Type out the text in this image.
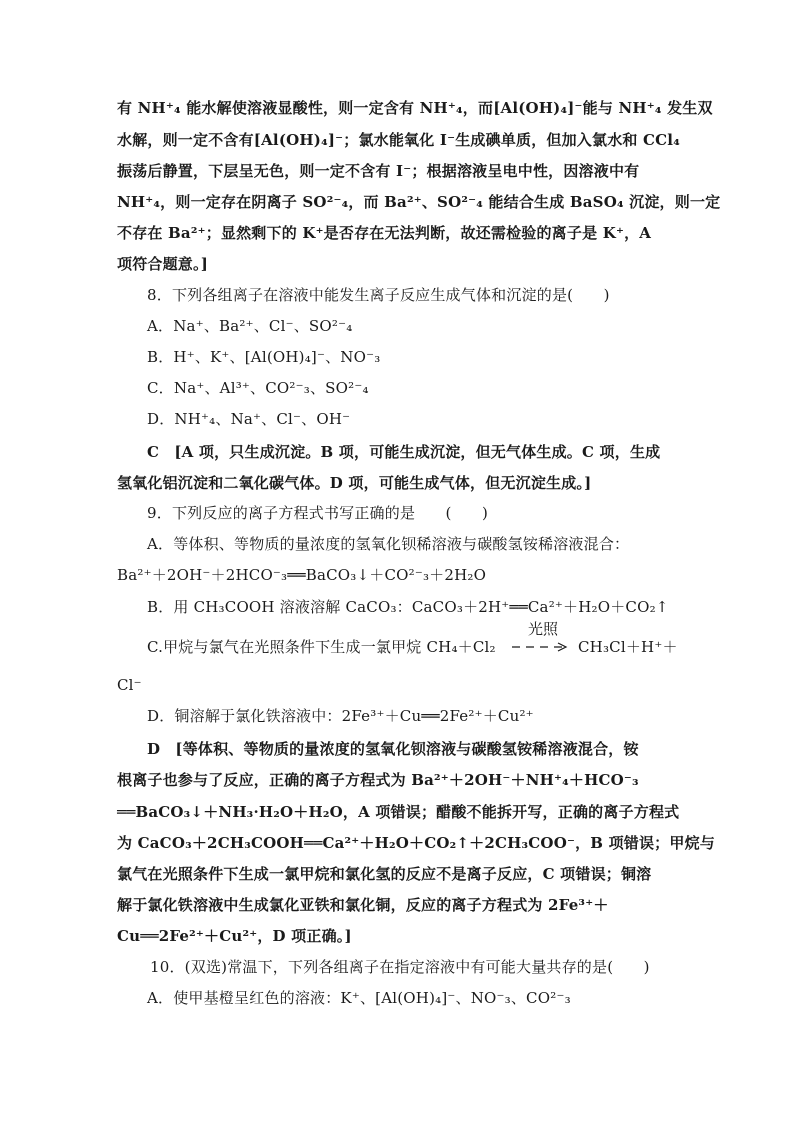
有 NH⁺₄ 能水解使溶液显酸性，则一定含有 NH⁺₄，而[Al(OH)₄]⁻能与 NH⁺₄ 发生双
水解，则一定不含有[Al(OH)₄]⁻；氯水能氧化 I⁻生成碘单质，但加入氯水和 CCl₄
振荡后静置，下层呈无色，则一定不含有 I⁻；根据溶液呈电中性，因溶液中有
NH⁺₄，则一定存在阴离子 SO²⁻₄，而 Ba²⁺、SO²⁻₄ 能结合生成 BaSO₄ 沉淀，则一定
不存在 Ba²⁺；显然剩下的 K⁺是否存在无法判断，故还需检验的离子是 K⁺，A
项符合题意。]
8．下列各组离子在溶液中能发生离子反应生成气体和沉淀的是(　　)
A．Na⁺、Ba²⁺、Cl⁻、SO²⁻₄
B．H⁺、K⁺、[Al(OH)₄]⁻、NO⁻₃
C．Na⁺、Al³⁺、CO²⁻₃、SO²⁻₄
D．NH⁺₄、Na⁺、Cl⁻、OH⁻
C　[A 项，只生成沉淀。B 项，可能生成沉淀，但无气体生成。C 项，生成
氢氧化铝沉淀和二氧化碳气体。D 项，可能生成气体，但无沉淀生成。]
9．下列反应的离子方程式书写正确的是　　(　　)
A．等体积、等物质的量浓度的氢氧化钡稀溶液与碳酸氢铵稀溶液混合：
Ba²⁺＋2OH⁻＋2HCO⁻₃══BaCO₃↓＋CO²⁻₃＋2H₂O
B．用 CH₃COOH 溶液溶解 CaCO₃：CaCO₃＋2H⁺══Ca²⁺＋H₂O＋CO₂↑
C.甲烷与氯气在光照条件下生成一氯甲烷 CH₄＋Cl₂
光照
CH₃Cl＋H⁺＋
Cl⁻
D．铜溶解于氯化铁溶液中：2Fe³⁺＋Cu══2Fe²⁺＋Cu²⁺
D　[等体积、等物质的量浓度的氢氧化钡溶液与碳酸氢铵稀溶液混合，铵
根离子也参与了反应，正确的离子方程式为 Ba²⁺＋2OH⁻＋NH⁺₄＋HCO⁻₃
══BaCO₃↓＋NH₃·H₂O＋H₂O，A 项错误；醋酸不能拆开写，正确的离子方程式
为 CaCO₃＋2CH₃COOH══Ca²⁺＋H₂O＋CO₂↑＋2CH₃COO⁻，B 项错误；甲烷与
氯气在光照条件下生成一氯甲烷和氯化氢的反应不是离子反应，C 项错误；铜溶
解于氯化铁溶液中生成氯化亚铁和氯化铜，反应的离子方程式为 2Fe³⁺＋
Cu══2Fe²⁺＋Cu²⁺，D 项正确。]
10．(双选)常温下，下列各组离子在指定溶液中有可能大量共存的是(　　)
A．使甲基橙呈红色的溶液：K⁺、[Al(OH)₄]⁻、NO⁻₃、CO²⁻₃
